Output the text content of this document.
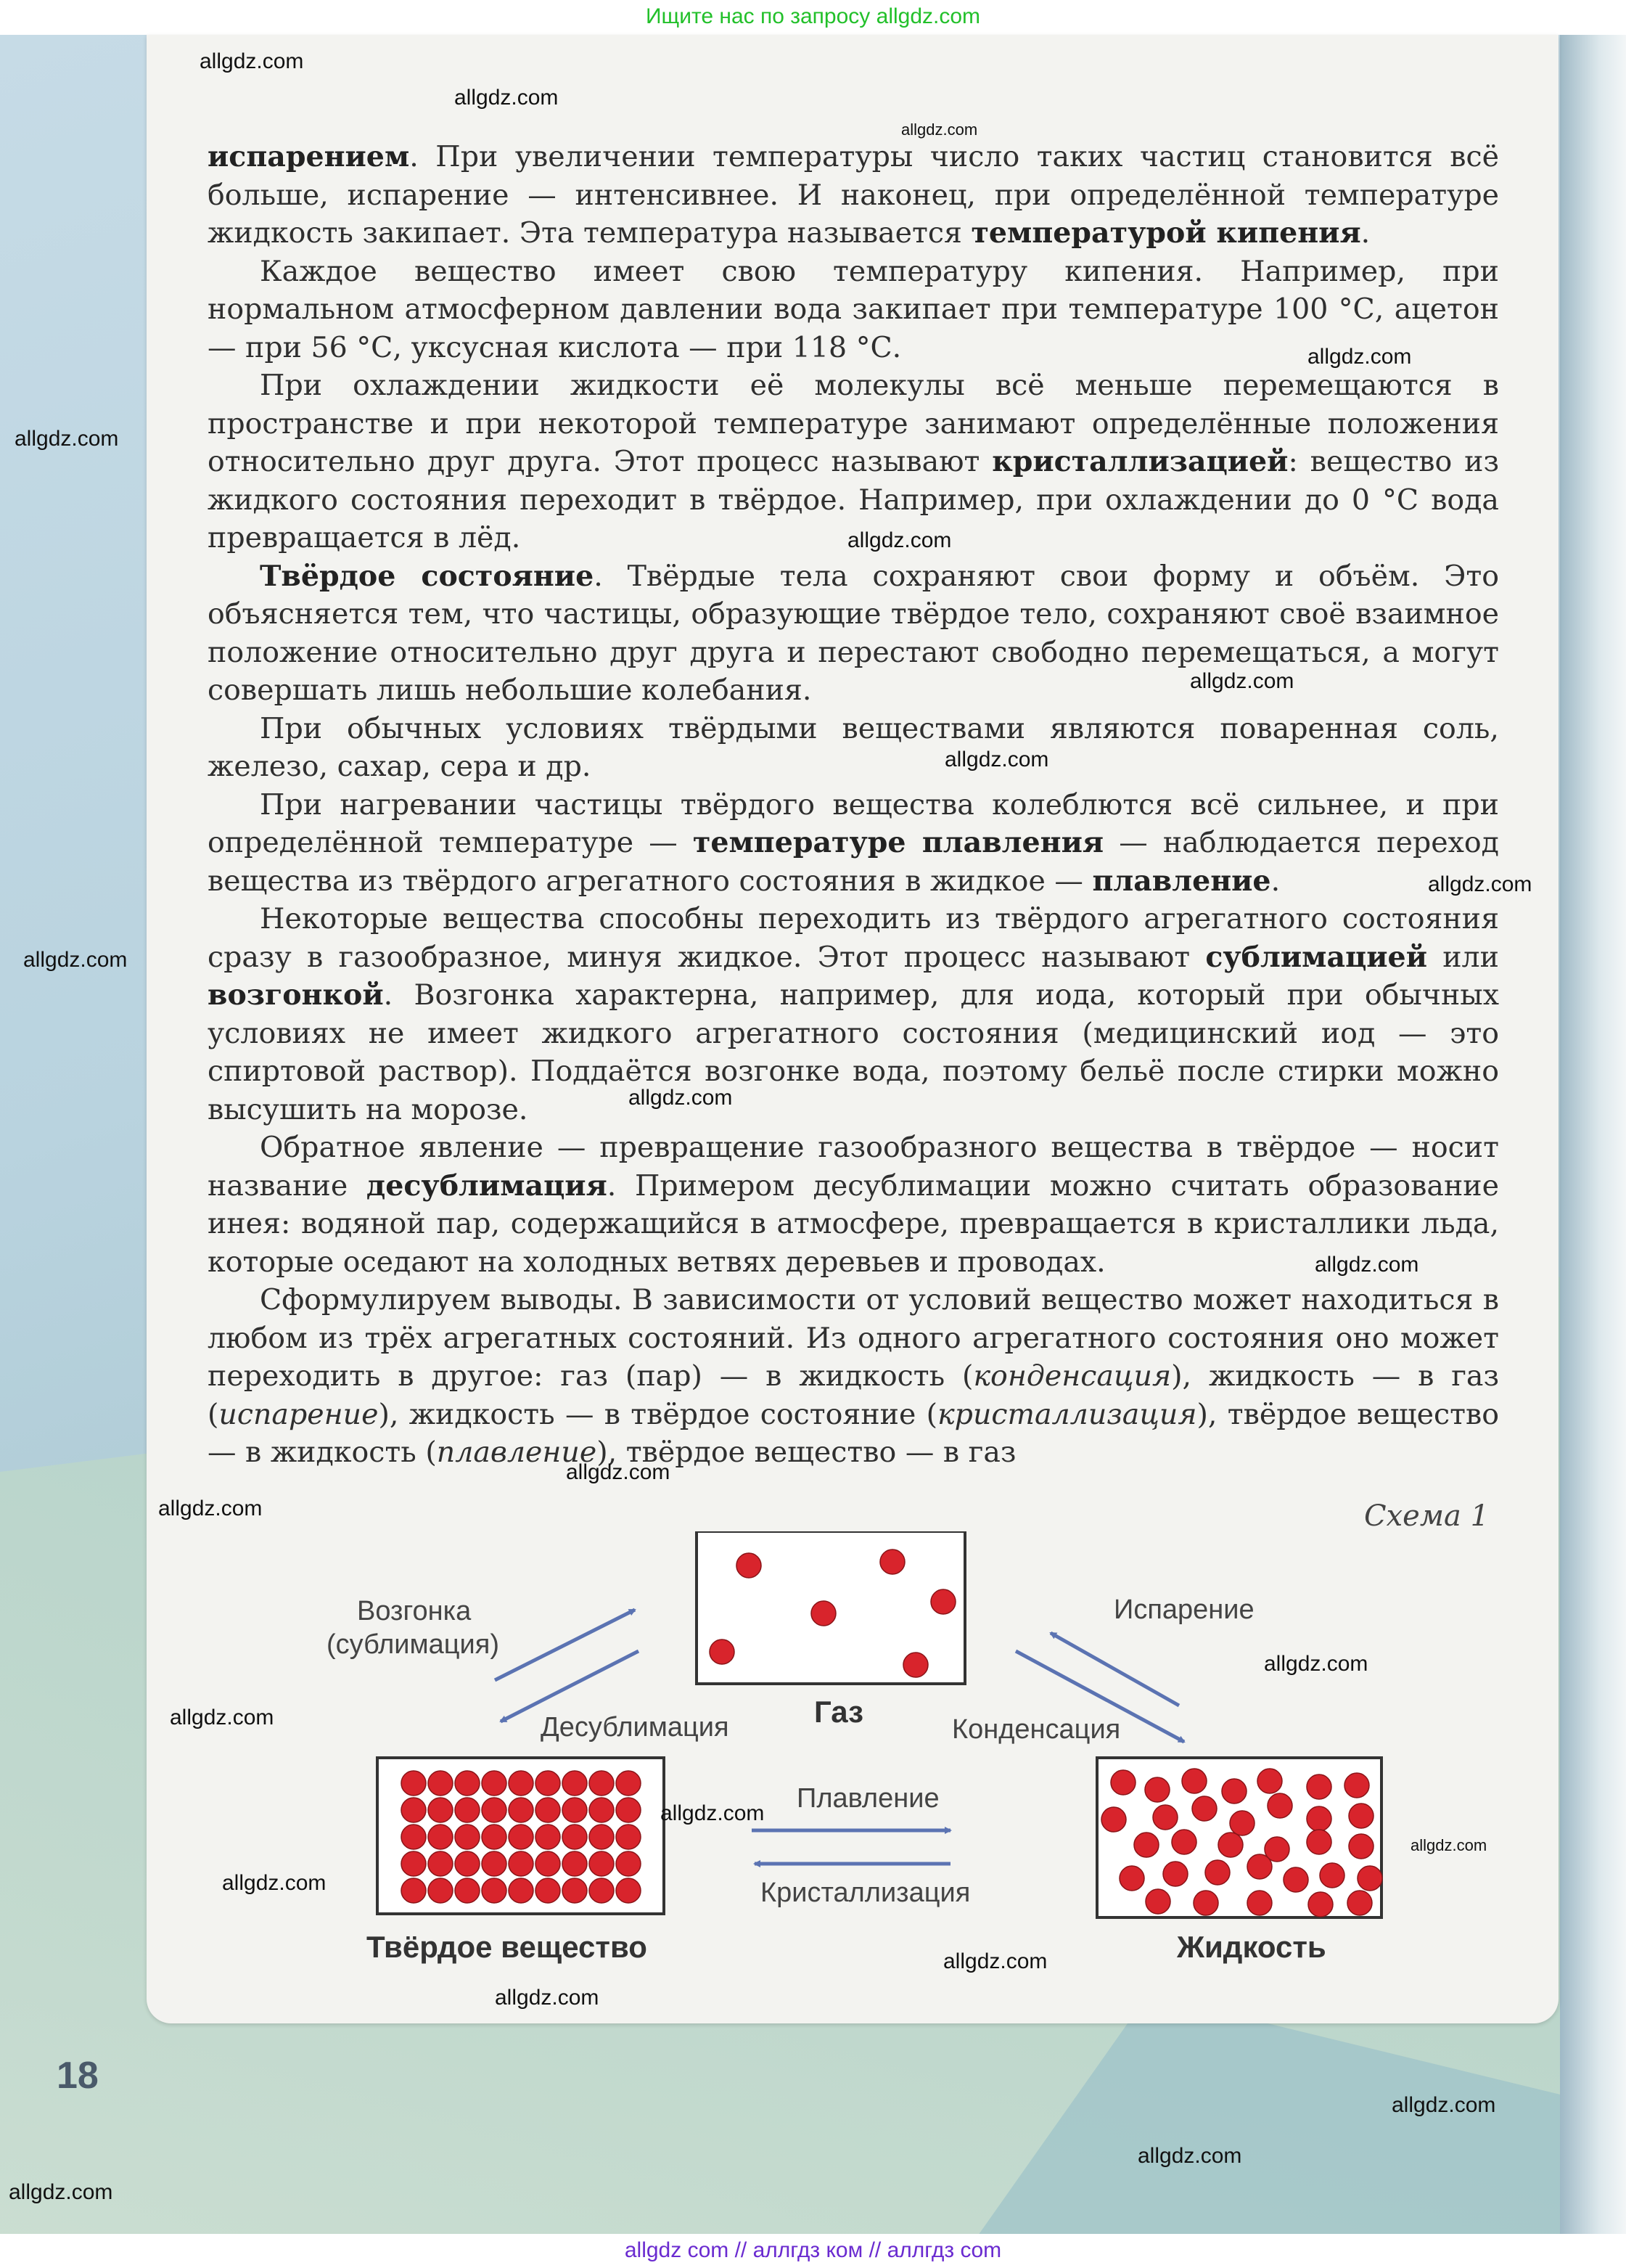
Ищите нас по запросу allgdz.com

испарением. При увеличении температуры число таких частиц становится всё больше, испарение — интенсивнее. И наконец, при определённой температуре жидкость закипает. Эта температура называется температурой кипения.

Каждое вещество имеет свою температуру кипения. Например, при нормальном атмосферном давлении вода закипает при температуре 100 °С, ацетон — при 56 °С, уксусная кислота — при 118 °С.

При охлаждении жидкости её молекулы всё меньше перемещаются в пространстве и при некоторой температуре занимают определённые положения относительно друг друга. Этот процесс называют кристаллизацией: вещество из жидкого состояния переходит в твёрдое. Например, при охлаждении до 0 °С вода превращается в лёд.

Твёрдое состояние. Твёрдые тела сохраняют свои форму и объём. Это объясняется тем, что частицы, образующие твёрдое тело, сохраняют своё взаимное положение относительно друг друга и перестают свободно перемещаться, а могут совершать лишь небольшие колебания.

При обычных условиях твёрдыми веществами являются поваренная соль, железо, сахар, сера и др.

При нагревании частицы твёрдого вещества колеблются всё сильнее, и при определённой температуре — температуре плавления — наблюдается переход вещества из твёрдого агрегатного состояния в жидкое — плавление.

Некоторые вещества способны переходить из твёрдого агрегатного состояния сразу в газообразное, минуя жидкое. Этот процесс называют сублимацией или возгонкой. Возгонка характерна, например, для иода, который при обычных условиях не имеет жидкого агрегатного состояния (медицинский иод — это спиртовой раствор). Поддаётся возгонке вода, поэтому бельё после стирки можно высушить на морозе.

Обратное явление — превращение газообразного вещества в твёрдое — носит название десублимация. Примером десублимации можно считать образование инея: водяной пар, содержащийся в атмосфере, превращается в кристаллики льда, которые оседают на холодных ветвях деревьев и проводах.

Сформулируем выводы. В зависимости от условий вещество может находиться в любом из трёх агрегатных состояний. Из одного агрегатного состояния оно может переходить в другое: газ (пар) — в жидкость (конденсация), жидкость — в газ (испарение), жидкость — в твёрдое состояние (кристаллизация), твёрдое вещество — в жидкость (плавление), твёрдое вещество — в газ

Схема 1
Газ
Твёрдое вещество	Жидкость
Возгонка
(сублимация)
Десублимация
Испарение
Конденсация
Плавление
Кристаллизация
18
allgdz.com
allgdz.com
allgdz.com
allgdz.com
allgdz.com
allgdz.com
allgdz.com
allgdz.com
allgdz.com
allgdz.com
allgdz.com
allgdz.com
allgdz.com
allgdz.com
allgdz.com
allgdz.com
allgdz.com
allgdz.com
allgdz.com
allgdz.com
allgdz.com
allgdz.com
allgdz.com
allgdz.com
allgdz com // аллгдз ком // аллгдз com
